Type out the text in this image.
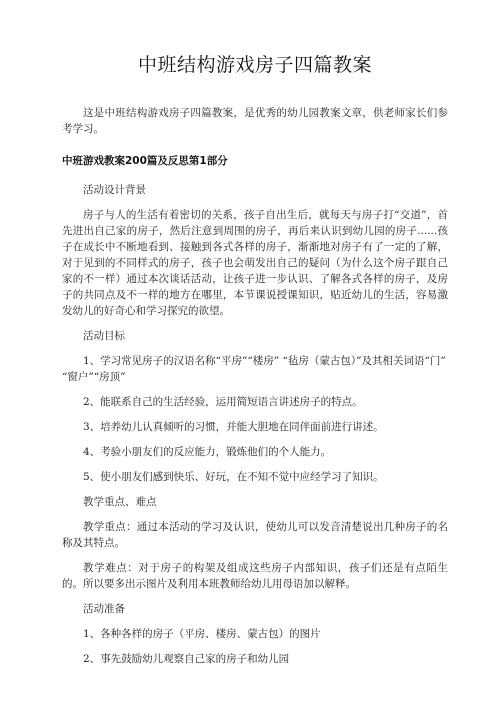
中班结构游戏房子四篇教案

这是中班结构游戏房子四篇教案，是优秀的幼儿园教案文章，供老师家长们参考学习。

中班游戏教案200篇及反思第1部分

活动设计背景

房子与人的生活有着密切的关系，孩子自出生后，就每天与房子打“交道”，首先进出自己家的房子，然后注意到周围的房子，再后来认识到幼儿园的房子......孩子在成长中不断地看到、接触到各式各样的房子，渐渐地对房子有了一定的了解，对于见到的不同样式的房子，孩子也会萌发出自己的疑问（为什么这个房子跟自己家的不一样）通过本次谈话活动，让孩子进一步认识、了解各式各样的房子，及房子的共同点及不一样的地方在哪里，本节课说授课知识，贴近幼儿的生活，容易激发幼儿的好奇心和学习探究的欲望。

活动目标

1、学习常见房子的汉语名称“平房”“楼房” “毡房（蒙古包）”及其相关词语“门” “窗户”“房顶”

2、能联系自己的生活经验，运用简短语言讲述房子的特点。

3、培养幼儿认真倾听的习惯，并能大胆地在同伴面前进行讲述。

4、考验小朋友们的反应能力，锻炼他们的个人能力。

5、使小朋友们感到快乐、好玩，在不知不觉中应经学习了知识。

教学重点、难点

教学重点：通过本活动的学习及认识，使幼儿可以发音清楚说出几种房子的名称及其特点。

教学难点：对于房子的构架及组成这些房子内部知识，孩子们还是有点陌生的。所以要多出示图片及利用本班教师给幼儿用母语加以解释。

活动准备

1、各种各样的房子（平房、楼房、蒙古包）的图片

2、事先鼓励幼儿观察自己家的房子和幼儿园
